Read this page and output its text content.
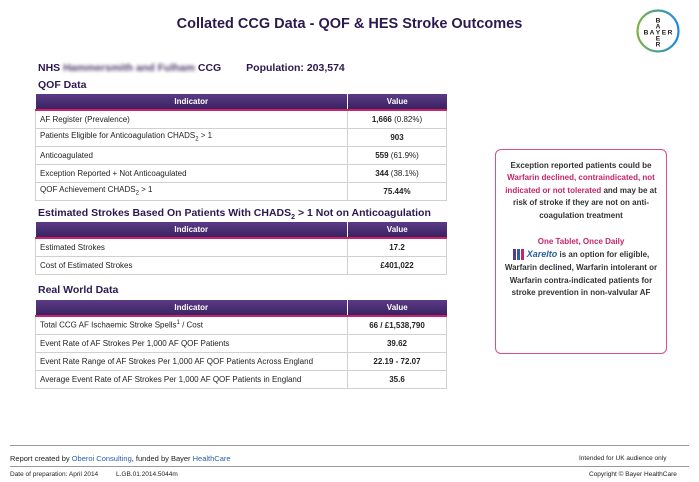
Collated CCG Data - QOF & HES Stroke Outcomes	B
A
Y
E
R
B A E R
NHS Hammersmith and Fulham CCG Population: 203,574
QOF Data
Indicator	Value
AF Register (Prevalence)	1,666 (0.82%)
Patients Eligible for Anticoagulation $CHADS_2 > 1$	903
Anticoagulated	559 (61.9%)
Exception Reported + Not Anticoagulated	344 (38.1%)
QOF Achievement $CHADS_2 > 1$	75.44%
Estimated Strokes Based On Patients With $CHADS_2 > 1$ Not on Anticoagulation
Indicator	Value
Estimated Strokes	17.2
Cost of Estimated Strokes	£401,022
Real World Data
Indicator	Value
Total CCG AF Ischaemic Stroke Spells$^1$ / Cost	66 / £1,538,790
Event Rate of AF Strokes Per 1,000 AF QOF Patients	39.62
Event Rate Range of AF Strokes Per 1,000 AF QOF Patients Across England	22.19 - 72.07
Average Event Rate of AF Strokes Per 1,000 AF QOF Patients in England	35.6
Exception reported patients could be Warfarin declined, contraindicated, not indicated or not tolerated and may be at risk of stroke if they are not on anti-coagulation treatment
One Tablet, Once Daily

Xarelto is an option for eligible, Warfarin declined, Warfarin intolerant or Warfarin contra-indicated patients for stroke prevention in non-valvular AF
Report created by Oberoi Consulting, funded by Bayer HealthCare	Intended for UK audience only
Date of preparation: April 2014	L.GB.01.2014.5044m	Copyright © Bayer HealthCare
